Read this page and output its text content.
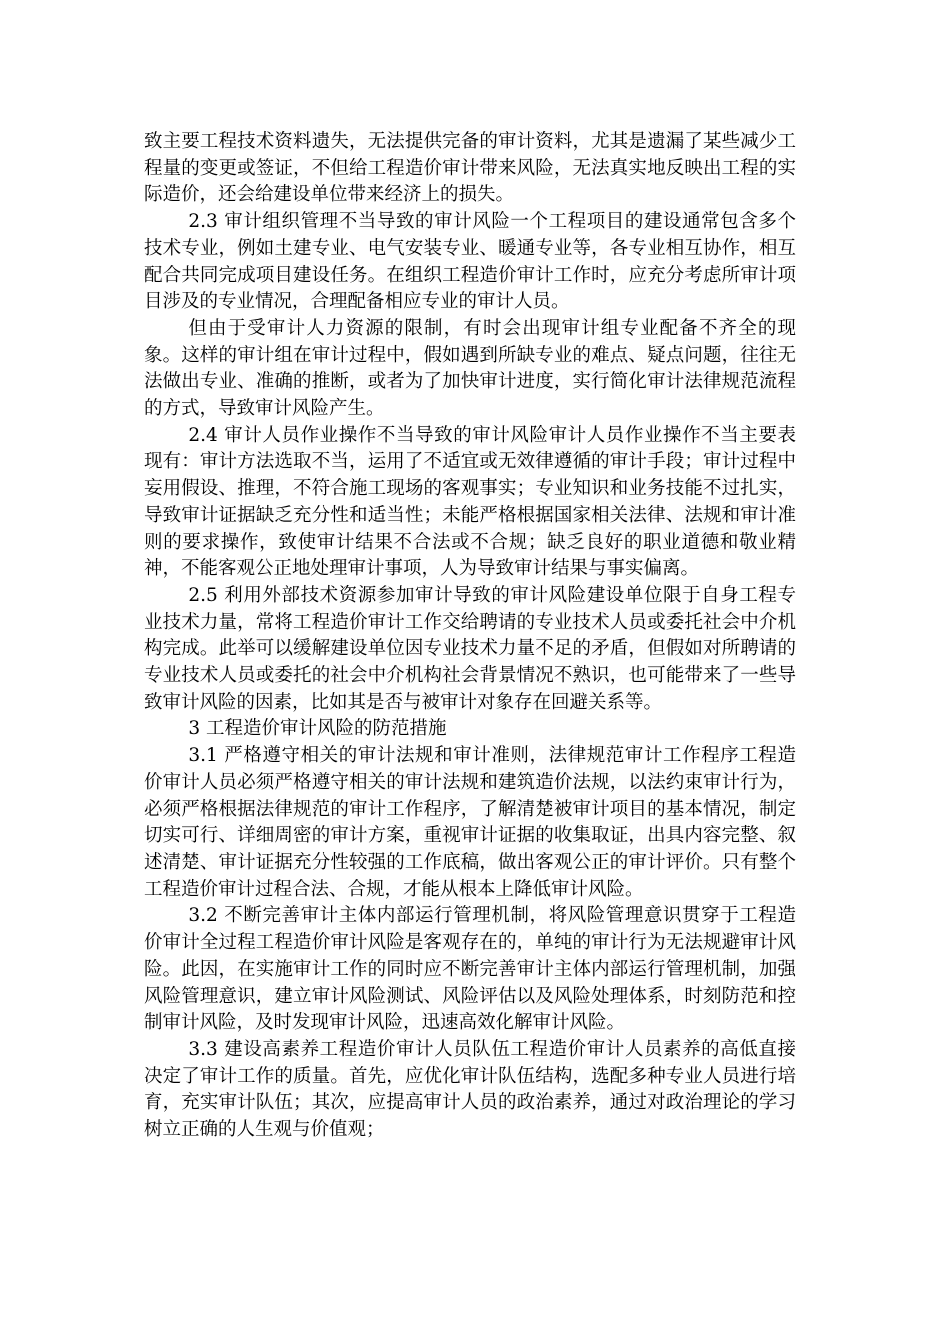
致主要工程技术资料遗失，无法提供完备的审计资料，尤其是遗漏了某些减少工程量的变更或签证，不但给工程造价审计带来风险，无法真实地反映出工程的实际造价，还会给建设单位带来经济上的损失。

2.3 审计组织管理不当导致的审计风险一个工程项目的建设通常包含多个技术专业，例如土建专业、电气安装专业、暖通专业等，各专业相互协作，相互配合共同完成项目建设任务。在组织工程造价审计工作时，应充分考虑所审计项目涉及的专业情况，合理配备相应专业的审计人员。

但由于受审计人力资源的限制，有时会出现审计组专业配备不齐全的现象。这样的审计组在审计过程中，假如遇到所缺专业的难点、疑点问题，往往无法做出专业、准确的推断，或者为了加快审计进度，实行简化审计法律规范流程的方式，导致审计风险产生。

2.4 审计人员作业操作不当导致的审计风险审计人员作业操作不当主要表现有：审计方法选取不当，运用了不适宜或无效律遵循的审计手段；审计过程中妄用假设、推理，不符合施工现场的客观事实；专业知识和业务技能不过扎实，导致审计证据缺乏充分性和适当性；未能严格根据国家相关法律、法规和审计准则的要求操作，致使审计结果不合法或不合规；缺乏良好的职业道德和敬业精神，不能客观公正地处理审计事项，人为导致审计结果与事实偏离。

2.5 利用外部技术资源参加审计导致的审计风险建设单位限于自身工程专业技术力量，常将工程造价审计工作交给聘请的专业技术人员或委托社会中介机构完成。此举可以缓解建设单位因专业技术力量不足的矛盾，但假如对所聘请的专业技术人员或委托的社会中介机构社会背景情况不熟识，也可能带来了一些导致审计风险的因素，比如其是否与被审计对象存在回避关系等。

3 工程造价审计风险的防范措施

3.1 严格遵守相关的审计法规和审计准则，法律规范审计工作程序工程造价审计人员必须严格遵守相关的审计法规和建筑造价法规，以法约束审计行为，必须严格根据法律规范的审计工作程序，了解清楚被审计项目的基本情况，制定切实可行、详细周密的审计方案，重视审计证据的收集取证，出具内容完整、叙述清楚、审计证据充分性较强的工作底稿，做出客观公正的审计评价。只有整个工程造价审计过程合法、合规，才能从根本上降低审计风险。

3.2 不断完善审计主体内部运行管理机制，将风险管理意识贯穿于工程造价审计全过程工程造价审计风险是客观存在的，单纯的审计行为无法规避审计风险。此因，在实施审计工作的同时应不断完善审计主体内部运行管理机制，加强风险管理意识，建立审计风险测试、风险评估以及风险处理体系，时刻防范和控制审计风险，及时发现审计风险，迅速高效化解审计风险。

3.3 建设高素养工程造价审计人员队伍工程造价审计人员素养的高低直接决定了审计工作的质量。首先，应优化审计队伍结构，选配多种专业人员进行培育，充实审计队伍；其次，应提高审计人员的政治素养，通过对政治理论的学习树立正确的人生观与价值观；
